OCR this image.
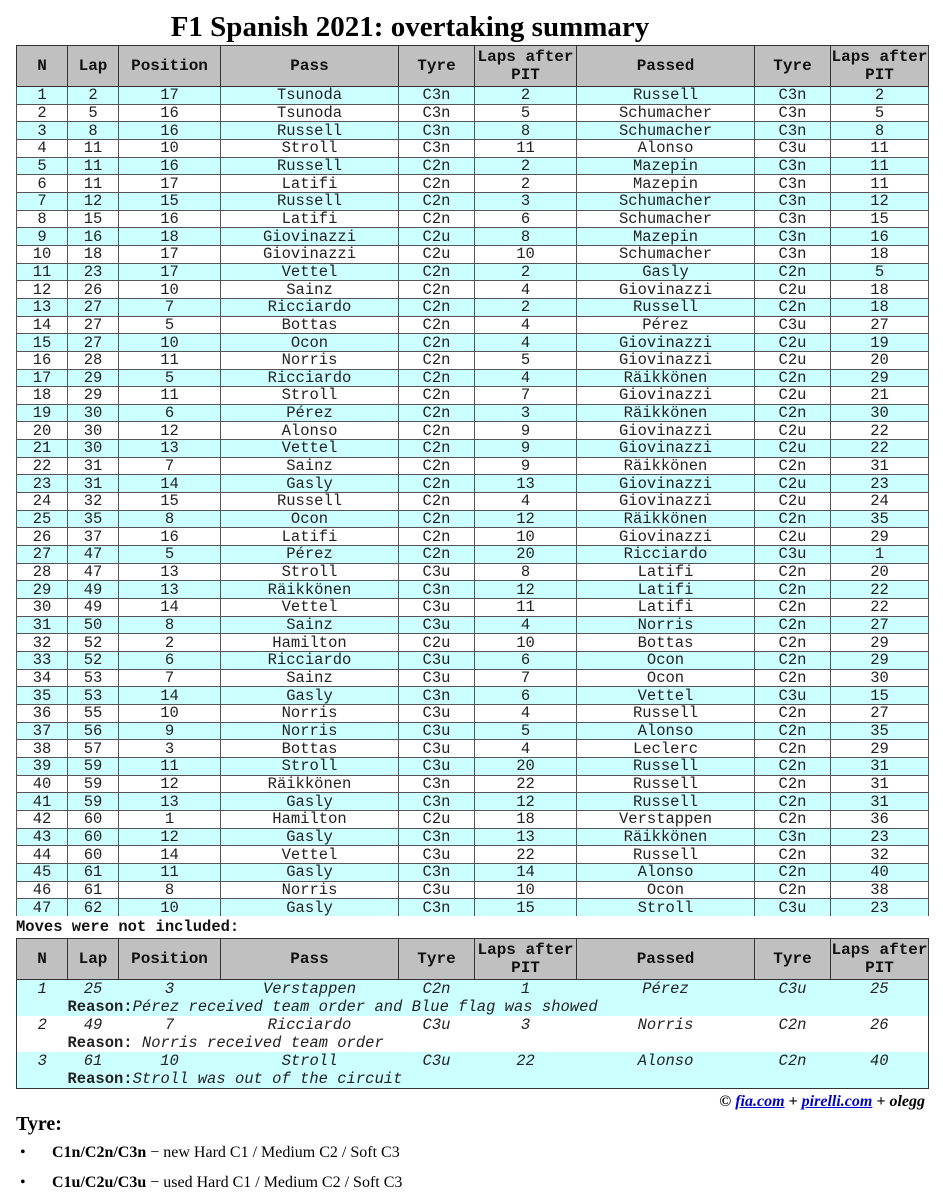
F1 Spanish 2021: overtaking summary
N	Lap	Position	Pass	Tyre	Laps after PIT	Passed	Tyre	Laps after PIT
1	2	17	Tsunoda	C3n	2	Russell	C3n	2
2	5	16	Tsunoda	C3n	5	Schumacher	C3n	5
3	8	16	Russell	C3n	8	Schumacher	C3n	8
4	11	10	Stroll	C3n	11	Alonso	C3u	11
5	11	16	Russell	C2n	2	Mazepin	C3n	11
6	11	17	Latifi	C2n	2	Mazepin	C3n	11
7	12	15	Russell	C2n	3	Schumacher	C3n	12
8	15	16	Latifi	C2n	6	Schumacher	C3n	15
9	16	18	Giovinazzi	C2u	8	Mazepin	C3n	16
10	18	17	Giovinazzi	C2u	10	Schumacher	C3n	18
11	23	17	Vettel	C2n	2	Gasly	C2n	5
12	26	10	Sainz	C2n	4	Giovinazzi	C2u	18
13	27	7	Ricciardo	C2n	2	Russell	C2n	18
14	27	5	Bottas	C2n	4	Pérez	C3u	27
15	27	10	Ocon	C2n	4	Giovinazzi	C2u	19
16	28	11	Norris	C2n	5	Giovinazzi	C2u	20
17	29	5	Ricciardo	C2n	4	Räikkönen	C2n	29
18	29	11	Stroll	C2n	7	Giovinazzi	C2u	21
19	30	6	Pérez	C2n	3	Räikkönen	C2n	30
20	30	12	Alonso	C2n	9	Giovinazzi	C2u	22
21	30	13	Vettel	C2n	9	Giovinazzi	C2u	22
22	31	7	Sainz	C2n	9	Räikkönen	C2n	31
23	31	14	Gasly	C2n	13	Giovinazzi	C2u	23
24	32	15	Russell	C2n	4	Giovinazzi	C2u	24
25	35	8	Ocon	C2n	12	Räikkönen	C2n	35
26	37	16	Latifi	C2n	10	Giovinazzi	C2u	29
27	47	5	Pérez	C2n	20	Ricciardo	C3u	1
28	47	13	Stroll	C3u	8	Latifi	C2n	20
29	49	13	Räikkönen	C3n	12	Latifi	C2n	22
30	49	14	Vettel	C3u	11	Latifi	C2n	22
31	50	8	Sainz	C3u	4	Norris	C2n	27
32	52	2	Hamilton	C2u	10	Bottas	C2n	29
33	52	6	Ricciardo	C3u	6	Ocon	C2n	29
34	53	7	Sainz	C3u	7	Ocon	C2n	30
35	53	14	Gasly	C3n	6	Vettel	C3u	15
36	55	10	Norris	C3u	4	Russell	C2n	27
37	56	9	Norris	C3u	5	Alonso	C2n	35
38	57	3	Bottas	C3u	4	Leclerc	C2n	29
39	59	11	Stroll	C3u	20	Russell	C2n	31
40	59	12	Räikkönen	C3n	22	Russell	C2n	31
41	59	13	Gasly	C3n	12	Russell	C2n	31
42	60	1	Hamilton	C2u	18	Verstappen	C2n	36
43	60	12	Gasly	C3n	13	Räikkönen	C3n	23
44	60	14	Vettel	C3u	22	Russell	C2n	32
45	61	11	Gasly	C3n	14	Alonso	C2n	40
46	61	8	Norris	C3u	10	Ocon	C2n	38
47	62	10	Gasly	C3n	15	Stroll	C3u	23
Moves were not included:
N	Lap	Position	Pass	Tyre	Laps after PIT	Passed	Tyre	Laps after PIT
1	25	3	Verstappen	C2n	1	Pérez	C3u	25
	Reason:Pérez received team order and Blue flag was showed							
2	49	7	Ricciardo	C3u	3	Norris	C2n	26
	Reason: Norris received team order							
3	61	10	Stroll	C3u	22	Alonso	C2n	40
	Reason:Stroll was out of the circuit							
© fia.com + pirelli.com + olegg
Tyre:
• C1n/C2n/C3n − new Hard C1 / Medium C2 / Soft C3
• C1u/C2u/C3u − used Hard C1 / Medium C2 / Soft C3
